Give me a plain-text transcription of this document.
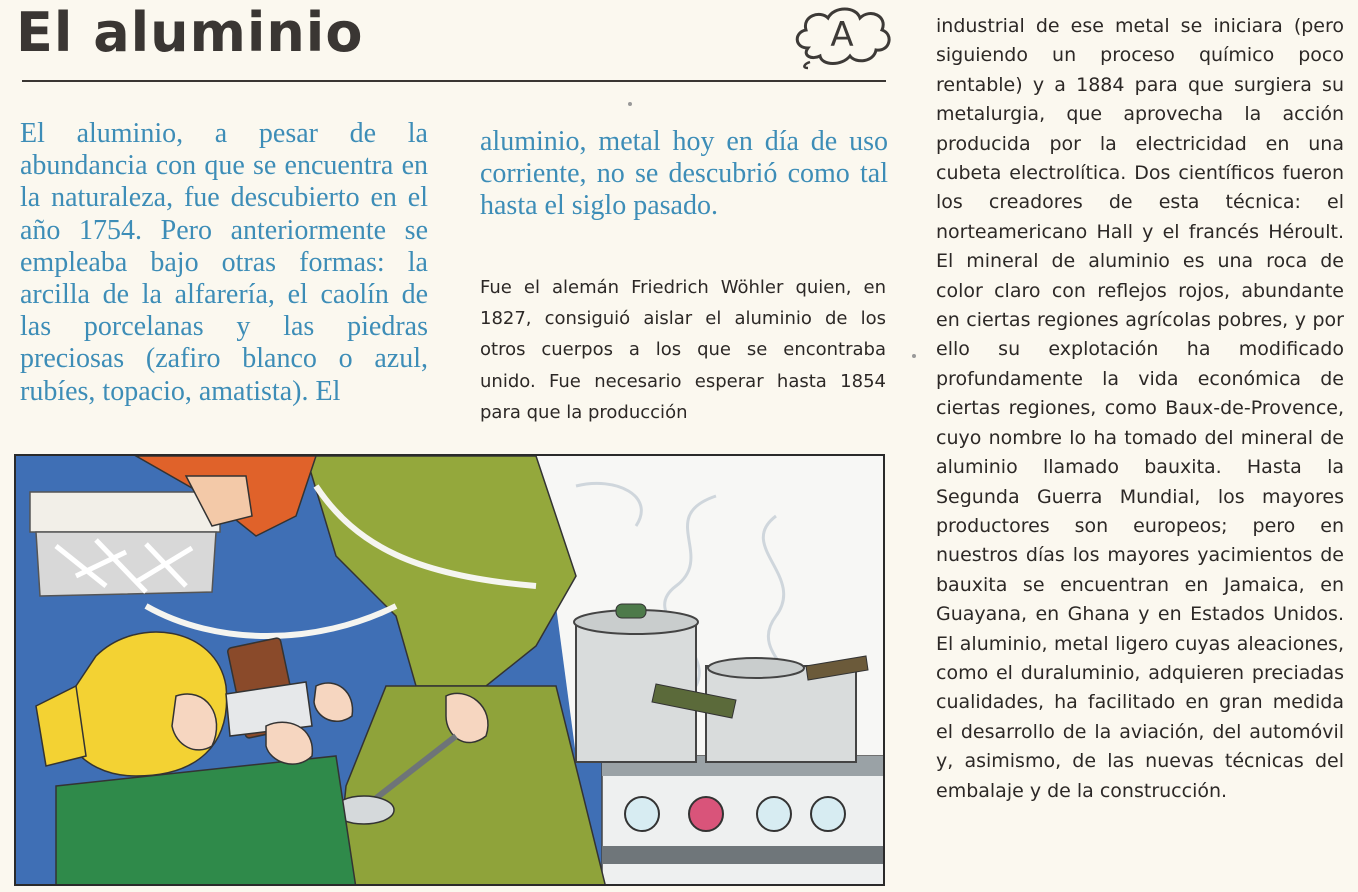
El aluminio	A

El aluminio, a pesar de la abundancia con que se encuentra en la naturaleza, fue descubierto en el año 1754. Pero anteriormente se empleaba bajo otras formas: la arcilla de la alfarería, el caolín de las porcelanas y las piedras preciosas (zafiro blanco o azul, rubíes, topacio, amatista). El

aluminio, metal hoy en día de uso corriente, no se descubrió como tal hasta el siglo pasado.

Fue el alemán Friedrich Wöhler quien, en 1827, consiguió aislar el aluminio de los otros cuerpos a los que se encontraba unido. Fue necesario esperar hasta 1854 para que la producción

industrial de ese metal se iniciara (pero siguiendo un proceso químico poco rentable) y a 1884 para que surgiera su metalurgia, que aprovecha la acción producida por la electricidad en una cubeta electrolítica. Dos científicos fueron los creadores de esta técnica: el norteamericano Hall y el francés Héroult. El mineral de aluminio es una roca de color claro con reflejos rojos, abundante en ciertas regiones agrícolas pobres, y por ello su explotación ha modificado profundamente la vida económica de ciertas regiones, como Baux-de-Provence, cuyo nombre lo ha tomado del mineral de aluminio llamado bauxita. Hasta la Segunda Guerra Mundial, los mayores productores son europeos; pero en nuestros días los mayores yacimientos de bauxita se encuentran en Jamaica, en Guayana, en Ghana y en Estados Unidos. El aluminio, metal ligero cuyas aleaciones, como el duraluminio, adquieren preciadas cualidades, ha facilitado en gran medida el desarrollo de la aviación, del automóvil y, asimismo, de las nuevas técnicas del embalaje y de la construcción.
